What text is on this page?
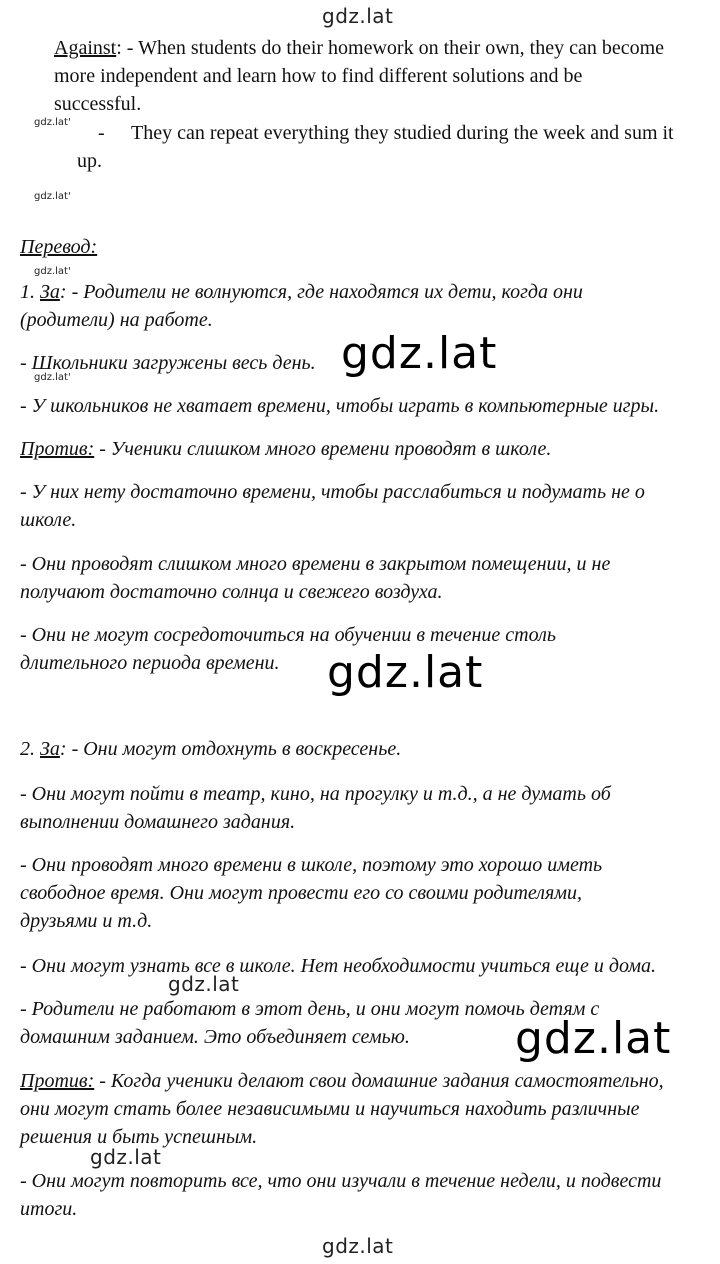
gdz.lat
gdz.lat'
gdz.lat'
gdz.lat'
gdz.lat'	gdz.lat
gdz.lat
gdz.lat
gdz.lat
gdz.lat
gdz.lat
Against: - When students do their homework on their own, they can become
more independent and learn how to find different solutions and be
successful.
- They can repeat everything they studied during the week and sum it
up.
Перевод:
1. За: - Родители не волнуются, где находятся их дети, когда они
(родители) на работе.
- Школьники загружены весь день.
- У школьников не хватает времени, чтобы играть в компьютерные игры.
Против: - Ученики слишком много времени проводят в школе.
- У них нету достаточно времени, чтобы расслабиться и подумать не о
школе.
- Они проводят слишком много времени в закрытом помещении, и не
получают достаточно солнца и свежего воздуха.
- Они не могут сосредоточиться на обучении в течение столь
длительного периода времени.
2. За: - Они могут отдохнуть в воскресенье.
- Они могут пойти в театр, кино, на прогулку и т.д., а не думать об
выполнении домашнего задания.
- Они проводят много времени в школе, поэтому это хорошо иметь
свободное время. Они могут провести его со своими родителями,
друзьями и т.д.
- Они могут узнать все в школе. Нет необходимости учиться еще и дома.
- Родители не работают в этот день, и они могут помочь детям с
домашним заданием. Это объединяет семью.
Против: - Когда ученики делают свои домашние задания самостоятельно,
они могут стать более независимыми и научиться находить различные
решения и быть успешным.
- Они могут повторить все, что они изучали в течение недели, и подвести
итоги.
